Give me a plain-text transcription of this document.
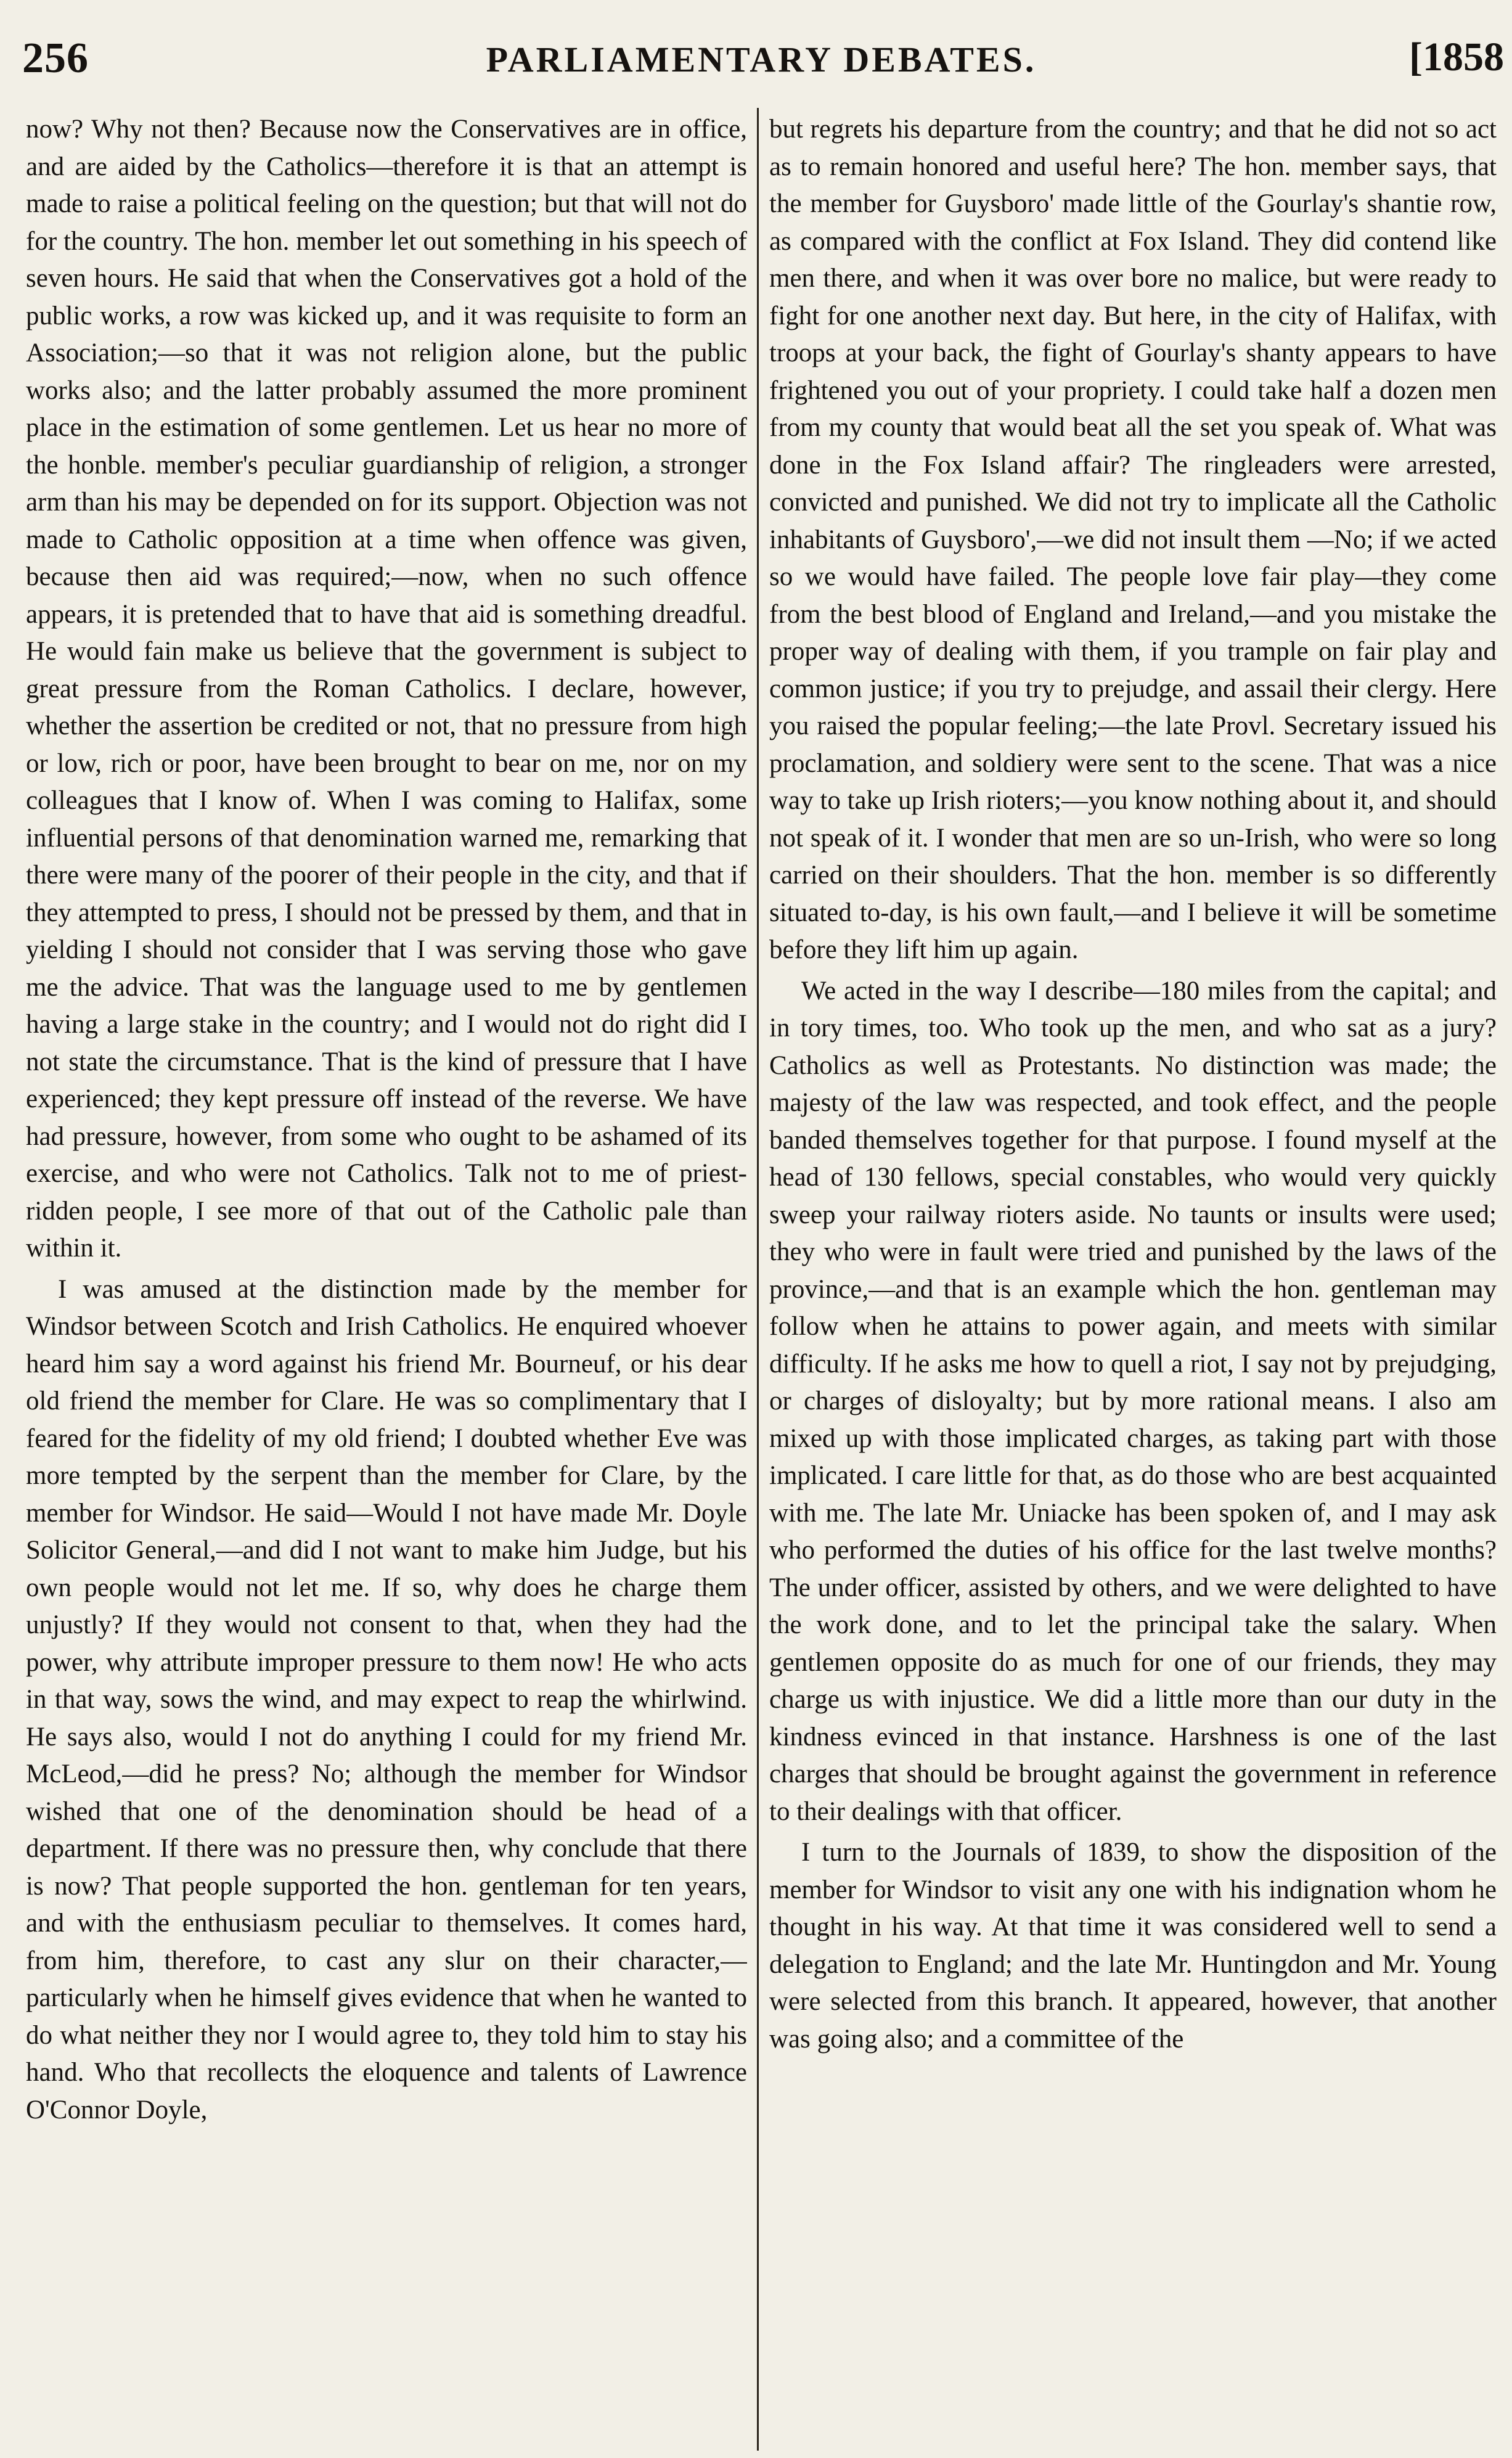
256	PARLIAMENTARY DEBATES.	[1858

now? Why not then? Because now the Conservatives are in office, and are aided by the Catholics—therefore it is that an attempt is made to raise a political feeling on the question; but that will not do for the country. The hon. member let out something in his speech of seven hours. He said that when the Conservatives got a hold of the public works, a row was kicked up, and it was requisite to form an Association;—so that it was not religion alone, but the public works also; and the latter probably assumed the more prominent place in the estimation of some gentlemen. Let us hear no more of the honble. member's peculiar guardianship of religion, a stronger arm than his may be depended on for its support. Objection was not made to Catholic opposition at a time when offence was given, because then aid was required;—now, when no such offence appears, it is pretended that to have that aid is something dreadful. He would fain make us believe that the government is subject to great pressure from the Roman Catholics. I declare, however, whether the assertion be credited or not, that no pressure from high or low, rich or poor, have been brought to bear on me, nor on my colleagues that I know of. When I was coming to Halifax, some influential persons of that denomination warned me, remarking that there were many of the poorer of their people in the city, and that if they attempted to press, I should not be pressed by them, and that in yielding I should not consider that I was serving those who gave me the advice. That was the language used to me by gentlemen having a large stake in the country; and I would not do right did I not state the circumstance. That is the kind of pressure that I have experienced; they kept pressure off instead of the reverse. We have had pressure, however, from some who ought to be ashamed of its exercise, and who were not Catholics. Talk not to me of priest-ridden people, I see more of that out of the Catholic pale than within it.

I was amused at the distinction made by the member for Windsor between Scotch and Irish Catholics. He enquired whoever heard him say a word against his friend Mr. Bourneuf, or his dear old friend the member for Clare. He was so complimentary that I feared for the fidelity of my old friend; I doubted whether Eve was more tempted by the serpent than the member for Clare, by the member for Windsor. He said—Would I not have made Mr. Doyle Solicitor General,—and did I not want to make him Judge, but his own people would not let me. If so, why does he charge them unjustly? If they would not consent to that, when they had the power, why attribute improper pressure to them now! He who acts in that way, sows the wind, and may expect to reap the whirlwind. He says also, would I not do anything I could for my friend Mr. McLeod,—did he press? No; although the member for Windsor wished that one of the denomination should be head of a department. If there was no pressure then, why conclude that there is now? That people supported the hon. gentleman for ten years, and with the enthusiasm peculiar to themselves. It comes hard, from him, therefore, to cast any slur on their character,—particularly when he himself gives evidence that when he wanted to do what neither they nor I would agree to, they told him to stay his hand. Who that recollects the eloquence and talents of Lawrence O'Connor Doyle,

but regrets his departure from the country; and that he did not so act as to remain honored and useful here? The hon. member says, that the member for Guysboro' made little of the Gourlay's shantie row, as compared with the conflict at Fox Island. They did contend like men there, and when it was over bore no malice, but were ready to fight for one another next day. But here, in the city of Halifax, with troops at your back, the fight of Gourlay's shanty appears to have frightened you out of your propriety. I could take half a dozen men from my county that would beat all the set you speak of. What was done in the Fox Island affair? The ringleaders were arrested, convicted and punished. We did not try to implicate all the Catholic inhabitants of Guysboro',—we did not insult them —No; if we acted so we would have failed. The people love fair play—they come from the best blood of England and Ireland,—and you mistake the proper way of dealing with them, if you trample on fair play and common justice; if you try to prejudge, and assail their clergy. Here you raised the popular feeling;—the late Provl. Secretary issued his proclamation, and soldiery were sent to the scene. That was a nice way to take up Irish rioters;—you know nothing about it, and should not speak of it. I wonder that men are so un-Irish, who were so long carried on their shoulders. That the hon. member is so differently situated to-day, is his own fault,—and I believe it will be sometime before they lift him up again.

We acted in the way I describe—180 miles from the capital; and in tory times, too. Who took up the men, and who sat as a jury? Catholics as well as Protestants. No distinction was made; the majesty of the law was respected, and took effect, and the people banded themselves together for that purpose. I found myself at the head of 130 fellows, special constables, who would very quickly sweep your railway rioters aside. No taunts or insults were used; they who were in fault were tried and punished by the laws of the province,—and that is an example which the hon. gentleman may follow when he attains to power again, and meets with similar difficulty. If he asks me how to quell a riot, I say not by prejudging, or charges of disloyalty; but by more rational means. I also am mixed up with those implicated charges, as taking part with those implicated. I care little for that, as do those who are best acquainted with me. The late Mr. Uniacke has been spoken of, and I may ask who performed the duties of his office for the last twelve months? The under officer, assisted by others, and we were delighted to have the work done, and to let the principal take the salary. When gentlemen opposite do as much for one of our friends, they may charge us with injustice. We did a little more than our duty in the kindness evinced in that instance. Harshness is one of the last charges that should be brought against the government in reference to their dealings with that officer.

I turn to the Journals of 1839, to show the disposition of the member for Windsor to visit any one with his indignation whom he thought in his way. At that time it was considered well to send a delegation to England; and the late Mr. Huntingdon and Mr. Young were selected from this branch. It appeared, however, that another was going also; and a committee of the
